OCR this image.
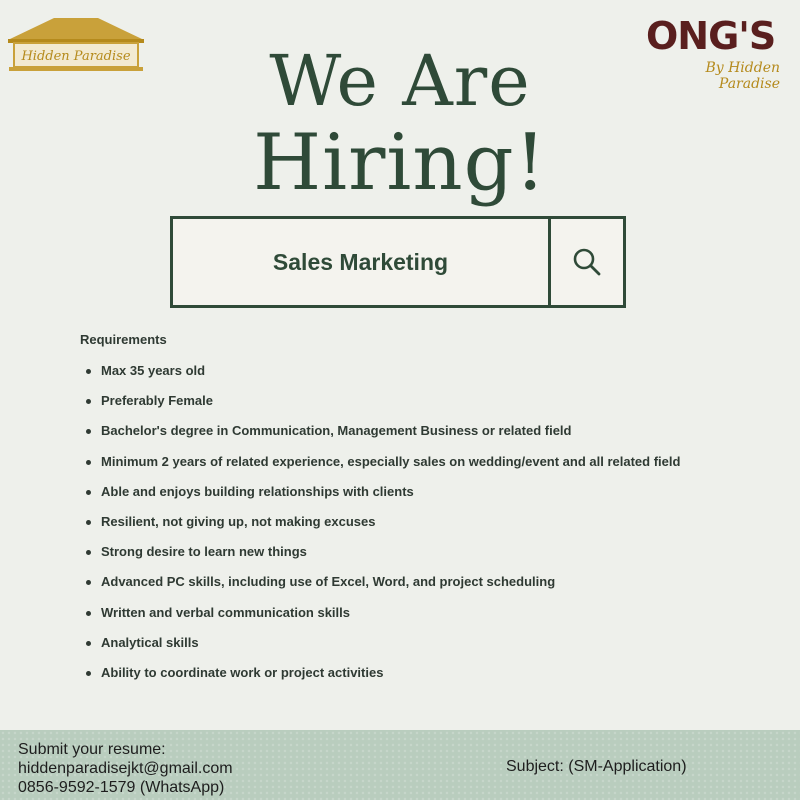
Hidden Paradise	ONG'S
By Hidden Paradise
We Are
Hiring!
Sales Marketing
Requirements
Max 35 years old
Preferably Female
Bachelor's degree in Communication, Management Business or related field
Minimum 2 years of related experience, especially sales on wedding/event and all related field
Able and enjoys building relationships with clients
Resilient, not giving up, not making excuses
Strong desire to learn new things
Advanced PC skills, including use of Excel, Word, and project scheduling
Written and verbal communication skills
Analytical skills
Ability to coordinate work or project activities
Submit your resume:
hiddenparadisejkt@gmail.com
0856-9592-1579 (WhatsApp)
Subject: (SM-Application)
